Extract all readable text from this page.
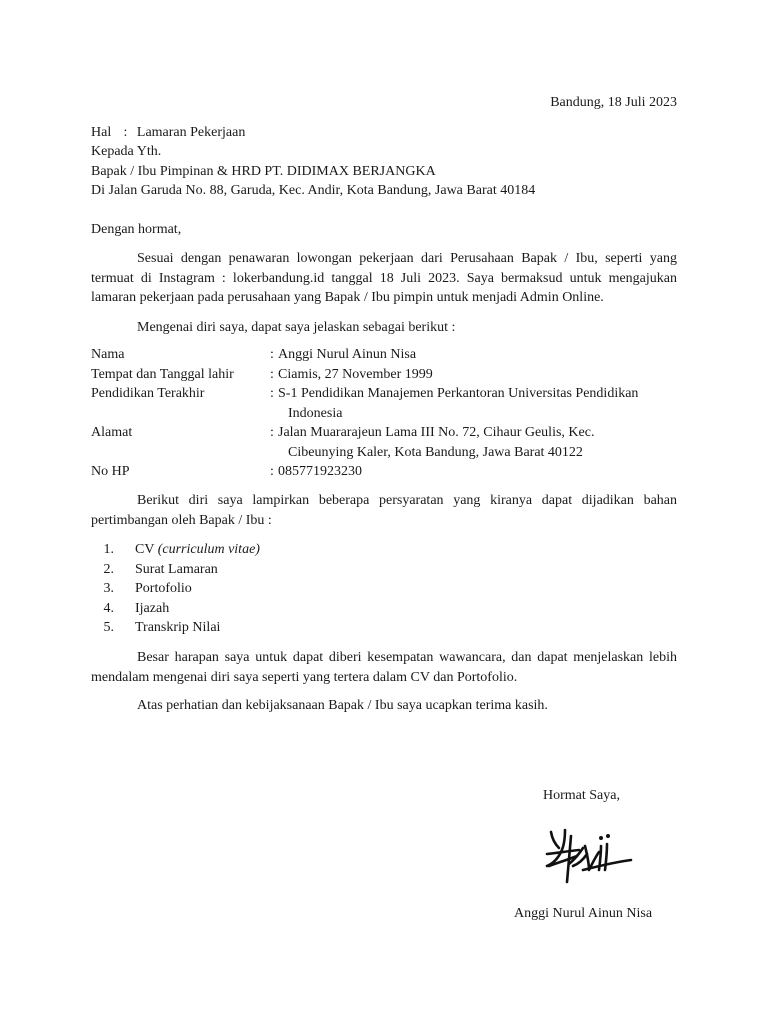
Bandung, 18 Juli 2023
Hal : Lamaran Pekerjaan
Kepada Yth.
Bapak / Ibu Pimpinan & HRD PT. DIDIMAX BERJANGKA
Di Jalan Garuda No. 88, Garuda, Kec. Andir, Kota Bandung, Jawa Barat 40184
Dengan hormat,
Sesuai dengan penawaran lowongan pekerjaan dari Perusahaan Bapak / Ibu, seperti yang termuat di Instagram : lokerbandung.id tanggal 18 Juli 2023. Saya bermaksud untuk mengajukan lamaran pekerjaan pada perusahaan yang Bapak / Ibu pimpin untuk menjadi Admin Online.
Mengenai diri saya, dapat saya jelaskan sebagai berikut :
Nama	:	Anggi Nurul Ainun Nisa
Tempat dan Tanggal lahir	:	Ciamis, 27 November 1999
Pendidikan Terakhir	:	S-1 Pendidikan Manajemen Perkantoran Universitas Pendidikan
		Indonesia
Alamat	:	Jalan Muararajeun Lama III No. 72, Cihaur Geulis, Kec.
		Cibeunying Kaler, Kota Bandung, Jawa Barat 40122
No HP	:	085771923230
Berikut diri saya lampirkan beberapa persyaratan yang kiranya dapat dijadikan bahan pertimbangan oleh Bapak / Ibu :
1. CV (curriculum vitae)
2. Surat Lamaran
3. Portofolio
4. Ijazah
5. Transkrip Nilai
Besar harapan saya untuk dapat diberi kesempatan wawancara, dan dapat menjelaskan lebih mendalam mengenai diri saya seperti yang tertera dalam CV dan Portofolio.
Atas perhatian dan kebijaksanaan Bapak / Ibu saya ucapkan terima kasih.
Hormat Saya,
Anggi Nurul Ainun Nisa
